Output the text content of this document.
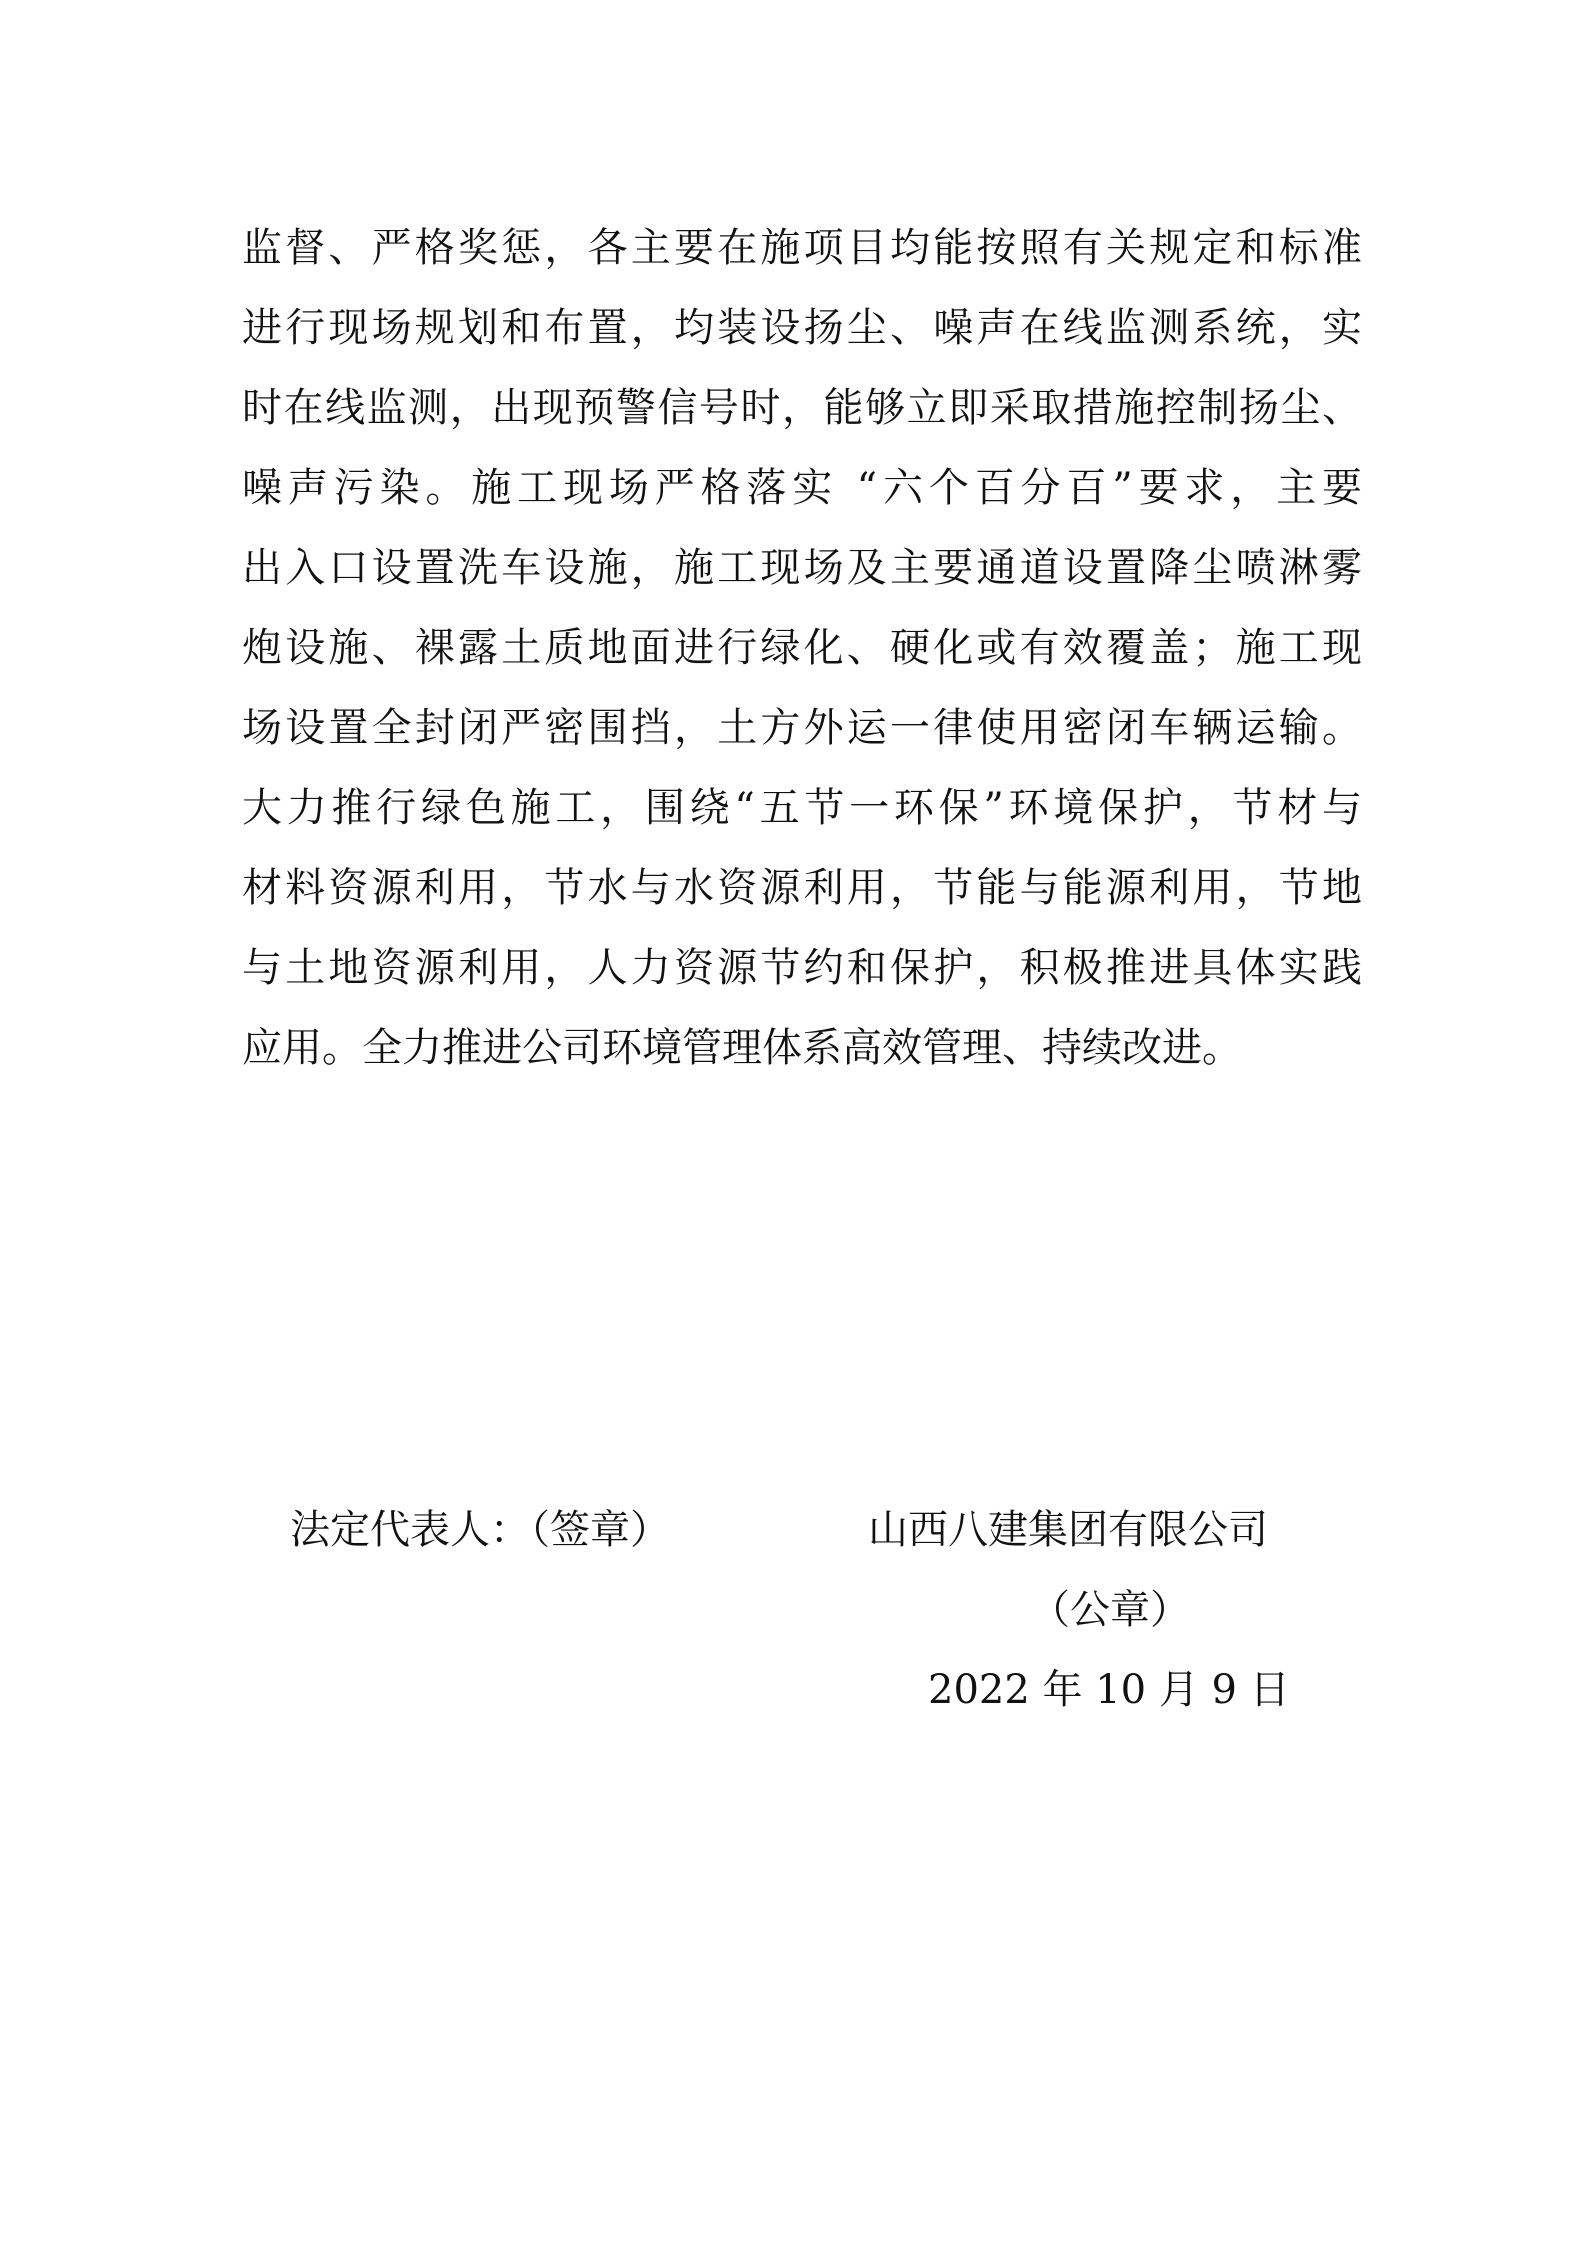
监督、严格奖惩，各主要在施项目均能按照有关规定和标准
进行现场规划和布置，均装设扬尘、噪声在线监测系统，实
时在线监测，出现预警信号时，能够立即采取措施控制扬尘、
噪声污染。施工现场严格落实 “六个百分百”要求，主要
出入口设置洗车设施，施工现场及主要通道设置降尘喷淋雾
炮设施、裸露土质地面进行绿化、硬化或有效覆盖；施工现
场设置全封闭严密围挡，土方外运一律使用密闭车辆运输。
大力推行绿色施工，围绕“五节一环保”环境保护，节材与
材料资源利用，节水与水资源利用，节能与能源利用，节地
与土地资源利用，人力资源节约和保护，积极推进具体实践
应用。全力推进公司环境管理体系高效管理、持续改进。
法定代表人：（签章）	山西八建集团有限公司
（公章）
2022 年 10 月 9 日
